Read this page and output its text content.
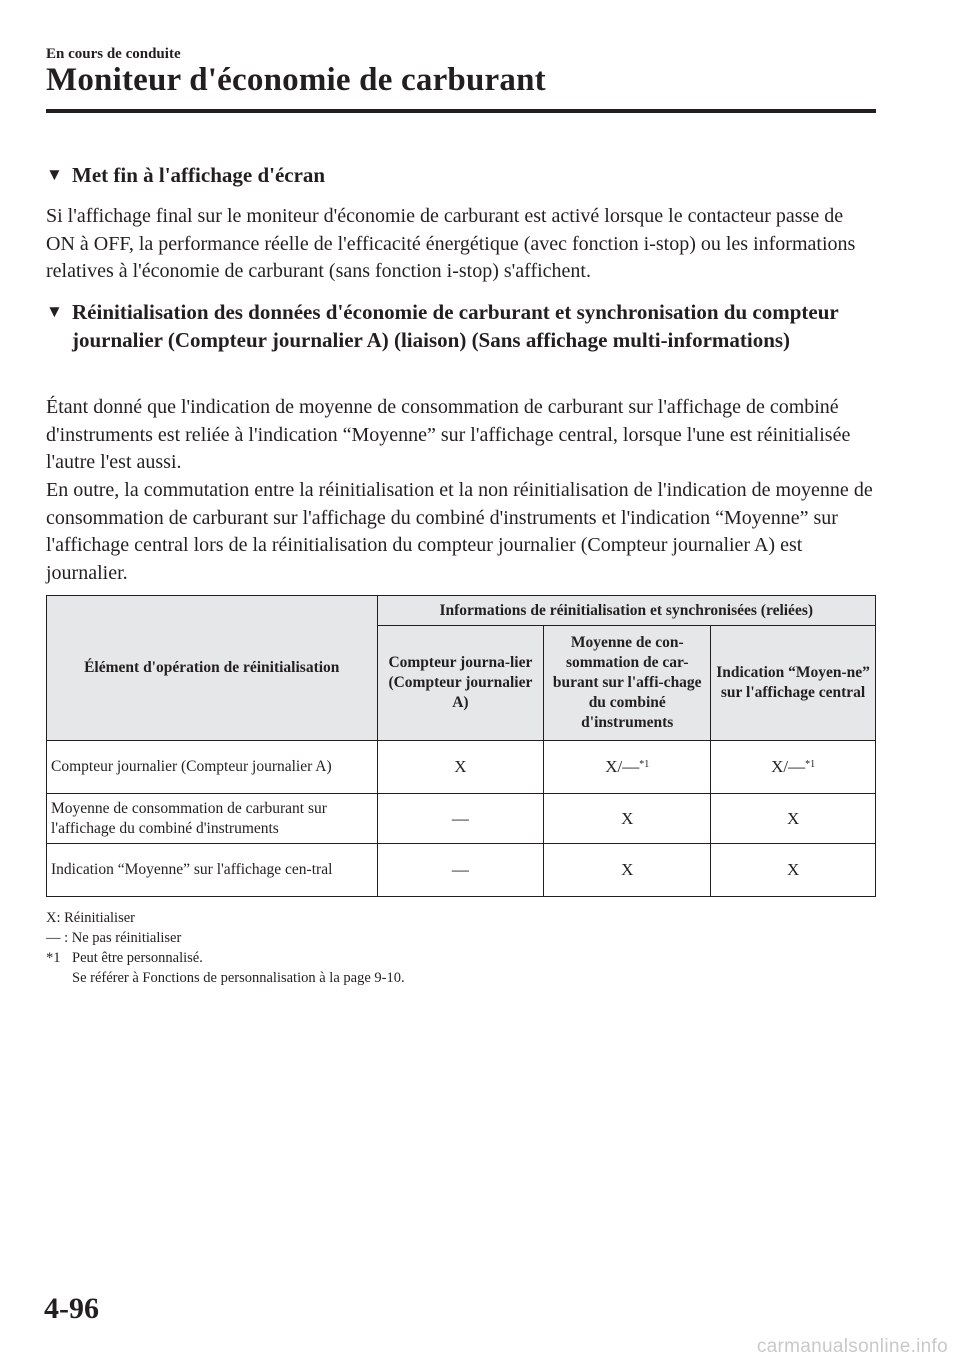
En cours de conduite
Moniteur d'économie de carburant
▼ Met fin à l'affichage d'écran
Si l'affichage final sur le moniteur d'économie de carburant est activé lorsque le contacteur passe de ON à OFF, la performance réelle de l'efficacité énergétique (avec fonction i-stop) ou les informations relatives à l'économie de carburant (sans fonction i-stop) s'affichent.
▼ Réinitialisation des données d'économie de carburant et synchronisation du compteur journalier (Compteur journalier A) (liaison) (Sans affichage multi-informations)
Étant donné que l'indication de moyenne de consommation de carburant sur l'affichage de combiné d'instruments est reliée à l'indication “Moyenne” sur l'affichage central, lorsque l'une est réinitialisée l'autre l'est aussi.
En outre, la commutation entre la réinitialisation et la non réinitialisation de l'indication de moyenne de consommation de carburant sur l'affichage du combiné d'instruments et l'indication “Moyenne” sur l'affichage central lors de la réinitialisation du compteur journalier (Compteur journalier A) est journalier.
Élément d'opération de réinitialisation	Informations de réinitialisation et synchronisées (reliées)		
	Compteur journa-lier (Compteur journalier A)	Moyenne de con-sommation de car-burant sur l'affi-chage du combiné d'instruments	Indication “Moyen-ne” sur l'affichage central
Compteur journalier (Compteur journalier A)	X	X/—$^{*1}$	X/—$^{*1}$
Moyenne de consommation de carburant sur l'affichage du combiné d'instruments	—	X	X
Indication “Moyenne” sur l'affichage cen-tral	—	X	X
X: Réinitialiser
— : Ne pas réinitialiser
*1 Peut être personnalisé.
Se référer à Fonctions de personnalisation à la page 9-10.
4-96
carmanualsonline.info
